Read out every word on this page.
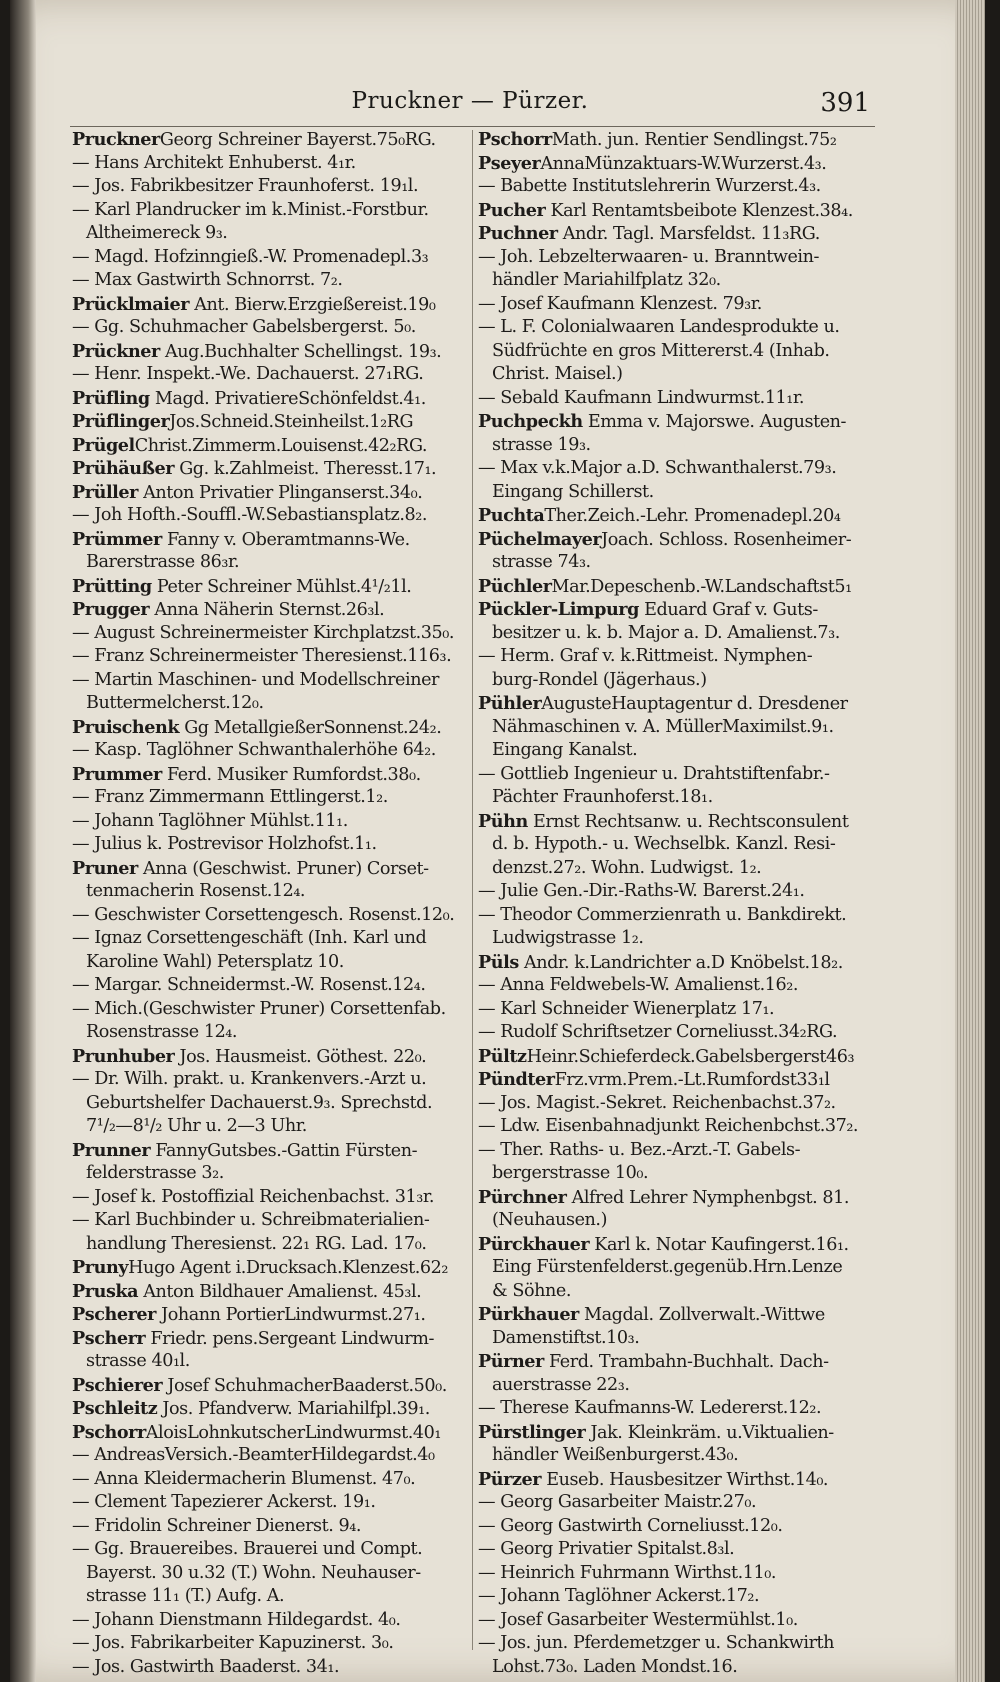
Pruckner — Pürzer.	391
PrucknerGeorg Schreiner Bayerst.75₀RG.
— Hans Architekt Enhuberst. 4₁r.
— Jos. Fabrikbesitzer Fraunhoferst. 19₁l.
— Karl Plandrucker im k.Minist.-Forstbur.
Altheimereck 9₃.
— Magd. Hofzinngieß.-W. Promenadepl.3₃
— Max Gastwirth Schnorrst. 7₂.
Prücklmaier Ant. Bierw.Erzgießereist.19₀
— Gg. Schuhmacher Gabelsbergerst. 5₀.
Prückner Aug.Buchhalter Schellingst. 19₃.
— Henr. Inspekt.-We. Dachauerst. 27₁RG.
Prüfling Magd. PrivatiereSchönfeldst.4₁.
PrüflingerJos.Schneid.Steinheilst.1₂RG
PrügelChrist.Zimmerm.Louisenst.42₂RG.
Prühäußer Gg. k.Zahlmeist. Theresst.17₁.
Prüller Anton Privatier Plinganserst.34₀.
— Joh Hofth.-Souffl.-W.Sebastiansplatz.8₂.
Prümmer Fanny v. Oberamtmanns-We.
Barerstrasse 86₃r.
Prütting Peter Schreiner Mühlst.4¹/₂1l.
Prugger Anna Näherin Sternst.26₃l.
— August Schreinermeister Kirchplatzst.35₀.
— Franz Schreinermeister Theresienst.116₃.
— Martin Maschinen- und Modellschreiner
Buttermelcherst.12₀.
Pruischenk Gg MetallgießerSonnenst.24₂.
— Kasp. Taglöhner Schwanthalerhöhe 64₂.
Prummer Ferd. Musiker Rumfordst.38₀.
— Franz Zimmermann Ettlingerst.1₂.
— Johann Taglöhner Mühlst.11₁.
— Julius k. Postrevisor Holzhofst.1₁.
Pruner Anna (Geschwist. Pruner) Corset-
tenmacherin Rosenst.12₄.
— Geschwister Corsettengesch. Rosenst.12₀.
— Ignaz Corsettengeschäft (Inh. Karl und
Karoline Wahl) Petersplatz 10.
— Margar. Schneidermst.-W. Rosenst.12₄.
— Mich.(Geschwister Pruner) Corsettenfab.
Rosenstrasse 12₄.
Prunhuber Jos. Hausmeist. Göthest. 22₀.
— Dr. Wilh. prakt. u. Krankenvers.-Arzt u.
Geburtshelfer Dachauerst.9₃. Sprechstd.
7¹/₂—8¹/₂ Uhr u. 2—3 Uhr.
Prunner FannyGutsbes.-Gattin Fürsten-
felderstrasse 3₂.
— Josef k. Postoffizial Reichenbachst. 31₃r.
— Karl Buchbinder u. Schreibmaterialien-
handlung Theresienst. 22₁ RG. Lad. 17₀.
PrunyHugo Agent i.Drucksach.Klenzest.62₂
Pruska Anton Bildhauer Amalienst. 45₃l.
Pscherer Johann PortierLindwurmst.27₁.
Pscherr Friedr. pens.Sergeant Lindwurm-
strasse 40₁l.
Pschierer Josef SchuhmacherBaaderst.50₀.
Pschleitz Jos. Pfandverw. Mariahilfpl.39₁.
PschorrAloisLohnkutscherLindwurmst.40₁
— AndreasVersich.-BeamterHildegardst.4₀
— Anna Kleidermacherin Blumenst. 47₀.
— Clement Tapezierer Ackerst. 19₁.
— Fridolin Schreiner Dienerst. 9₄.
— Gg. Brauereibes. Brauerei und Compt.
Bayerst. 30 u.32 (T.) Wohn. Neuhauser-
strasse 11₁ (T.) Aufg. A.
— Johann Dienstmann Hildegardst. 4₀.
— Jos. Fabrikarbeiter Kapuzinerst. 3₀.
— Jos. Gastwirth Baaderst. 34₁.
PschorrMath. jun. Rentier Sendlingst.75₂
PseyerAnnaMünzaktuars-W.Wurzerst.4₃.
— Babette Institutslehrerin Wurzerst.4₃.
Pucher Karl Rentamtsbeibote Klenzest.38₄.
Puchner Andr. Tagl. Marsfeldst. 11₃RG.
— Joh. Lebzelterwaaren- u. Branntwein-
händler Mariahilfplatz 32₀.
— Josef Kaufmann Klenzest. 79₃r.
— L. F. Colonialwaaren Landesprodukte u.
Südfrüchte en gros Mittererst.4 (Inhab.
Christ. Maisel.)
— Sebald Kaufmann Lindwurmst.11₁r.
Puchpeckh Emma v. Majorswe. Augusten-
strasse 19₃.
— Max v.k.Major a.D. Schwanthalerst.79₃.
Eingang Schillerst.
PuchtaTher.Zeich.-Lehr. Promenadepl.20₄
PüchelmayerJoach. Schloss. Rosenheimer-
strasse 74₃.
PüchlerMar.Depeschenb.-W.Landschaftst5₁
Pückler-Limpurg Eduard Graf v. Guts-
besitzer u. k. b. Major a. D. Amalienst.7₃.
— Herm. Graf v. k.Rittmeist. Nymphen-
burg-Rondel (Jägerhaus.)
PühlerAugusteHauptagentur d. Dresdener
Nähmaschinen v. A. MüllerMaximilst.9₁.
Eingang Kanalst.
— Gottlieb Ingenieur u. Drahtstiftenfabr.-
Pächter Fraunhoferst.18₁.
Pühn Ernst Rechtsanw. u. Rechtsconsulent
d. b. Hypoth.- u. Wechselbk. Kanzl. Resi-
denzst.27₂. Wohn. Ludwigst. 1₂.
— Julie Gen.-Dir.-Raths-W. Barerst.24₁.
— Theodor Commerzienrath u. Bankdirekt.
Ludwigstrasse 1₂.
Püls Andr. k.Landrichter a.D Knöbelst.18₂.
— Anna Feldwebels-W. Amalienst.16₂.
— Karl Schneider Wienerplatz 17₁.
— Rudolf Schriftsetzer Corneliusst.34₂RG.
PültzHeinr.Schieferdeck.Gabelsbergerst46₃
PündterFrz.vrm.Prem.-Lt.Rumfordst33₁l
— Jos. Magist.-Sekret. Reichenbachst.37₂.
— Ldw. Eisenbahnadjunkt Reichenbchst.37₂.
— Ther. Raths- u. Bez.-Arzt.-T. Gabels-
bergerstrasse 10₀.
Pürchner Alfred Lehrer Nymphenbgst. 81.
(Neuhausen.)
Pürckhauer Karl k. Notar Kaufingerst.16₁.
Eing Fürstenfelderst.gegenüb.Hrn.Lenze
& Söhne.
Pürkhauer Magdal. Zollverwalt.-Wittwe
Damenstiftst.10₃.
Pürner Ferd. Trambahn-Buchhalt. Dach-
auerstrasse 22₃.
— Therese Kaufmanns-W. Ledererst.12₂.
Pürstlinger Jak. Kleinkräm. u.Viktualien-
händler Weißenburgerst.43₀.
Pürzer Euseb. Hausbesitzer Wirthst.14₀.
— Georg Gasarbeiter Maistr.27₀.
— Georg Gastwirth Corneliusst.12₀.
— Georg Privatier Spitalst.8₃l.
— Heinrich Fuhrmann Wirthst.11₀.
— Johann Taglöhner Ackerst.17₂.
— Josef Gasarbeiter Westermühlst.1₀.
— Jos. jun. Pferdemetzger u. Schankwirth
Lohst.73₀. Laden Mondst.16.
